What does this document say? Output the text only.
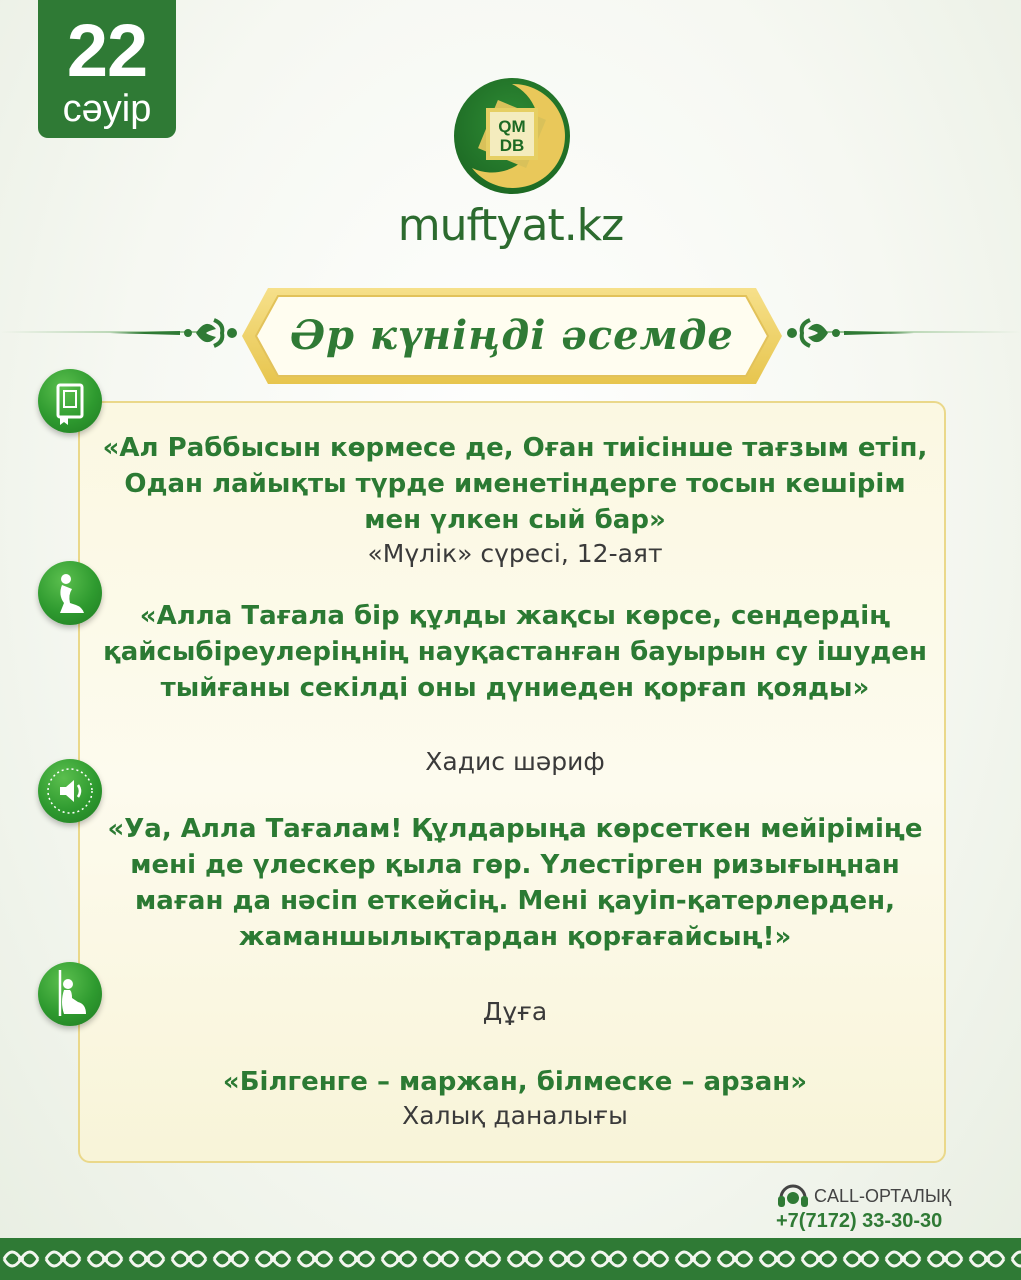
22
сәуір	QM
DB
muftyat.kz
Әр күніңді әсемде
«Ал Раббысын көрмесе де, Оған тиісінше тағзым етіп, Одан лайықты түрде именетіндерге тосын кешірім мен үлкен сый бар»
«Мүлік» сүресі, 12-аят
«Алла Тағала бір құлды жақсы көрсе, сендердің қайсыбіреулеріңнің науқастанған бауырын су ішуден тыйғаны секілді оны дүниеден қорғап қояды»
Хадис шәриф
«Уа, Алла Тағалам! Құлдарыңа көрсеткен мейіріміңе мені де үлескер қыла гөр. Үлестірген ризығыңнан маған да нәсіп еткейсің. Мені қауіп-қатерлерден, жаманшылықтардан қорғағайсың!»
Дұға
«Білгенге – маржан, білмеске – арзан»
Халық даналығы
CALL-ОРТАЛЫҚ
+7(7172) 33-30-30
